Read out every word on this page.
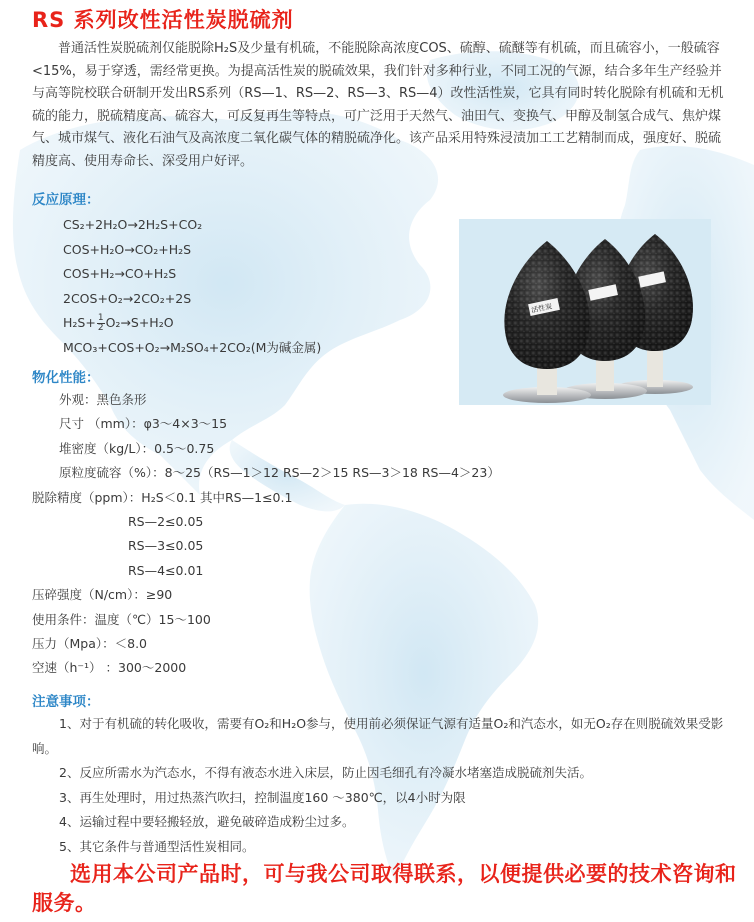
RS 系列改性活性炭脱硫剂

普通活性炭脱硫剂仅能脱除H₂S及少量有机硫，不能脱除高浓度COS、硫醇、硫醚等有机硫，而且硫容小，一般硫容<15%，易于穿透，需经常更换。为提高活性炭的脱硫效果，我们针对多种行业，不同工况的气源，结合多年生产经验并与高等院校联合研制开发出RS系列（RS—1、RS—2、RS—3、RS—4）改性活性炭，它具有同时转化脱除有机硫和无机硫的能力，脱硫精度高、硫容大，可反复再生等特点，可广泛用于天然气、油田气、变换气、甲醇及制氢合成气、焦炉煤气、城市煤气、液化石油气及高浓度二氧化碳气体的精脱硫净化。该产品采用特殊浸渍加工工艺精制而成，强度好、脱硫精度高、使用寿命长、深受用户好评。

反应原理：
CS₂+2H₂O→2H₂S+CO₂
COS+H₂O→CO₂+H₂S
COS+H₂→CO+H₂S
2COS+O₂→2CO₂+2S
$H_2S+ \frac{1}{2} O_2\to S+H_2O$
MCO₃+COS+O₂→M₂SO₄+2CO₂(M为碱金属)
活性炭
物化性能：
外观：黑色条形
尺寸 （mm）：φ3～4×3～15
堆密度（kg/L）：0.5～0.75
原粒度硫容（%）：8～25（RS—1＞12 RS—2＞15 RS—3＞18 RS—4＞23）
脱除精度（ppm）：H₂S＜0.1 其中RS—1≤0.1
RS—2≤0.05
RS—3≤0.05
RS—4≤0.01
压碎强度（N/cm）：≥90
使用条件：温度（℃）15～100
压力（Mpa）：＜8.0
空速（h⁻¹） ：300～2000
注意事项：
1、对于有机硫的转化吸收，需要有O₂和H₂O参与，使用前必须保证气源有适量O₂和汽态水，如无O₂存在则脱硫效果受影响。
2、反应所需水为汽态水，不得有液态水进入床层，防止因毛细孔有冷凝水堵塞造成脱硫剂失活。
3、再生处理时，用过热蒸汽吹扫，控制温度160 ～380℃，以4小时为限
4、运输过程中要轻搬轻放，避免破碎造成粉尘过多。
5、其它条件与普通型活性炭相同。

选用本公司产品时，可与我公司取得联系，以便提供必要的技术咨询和服务。
